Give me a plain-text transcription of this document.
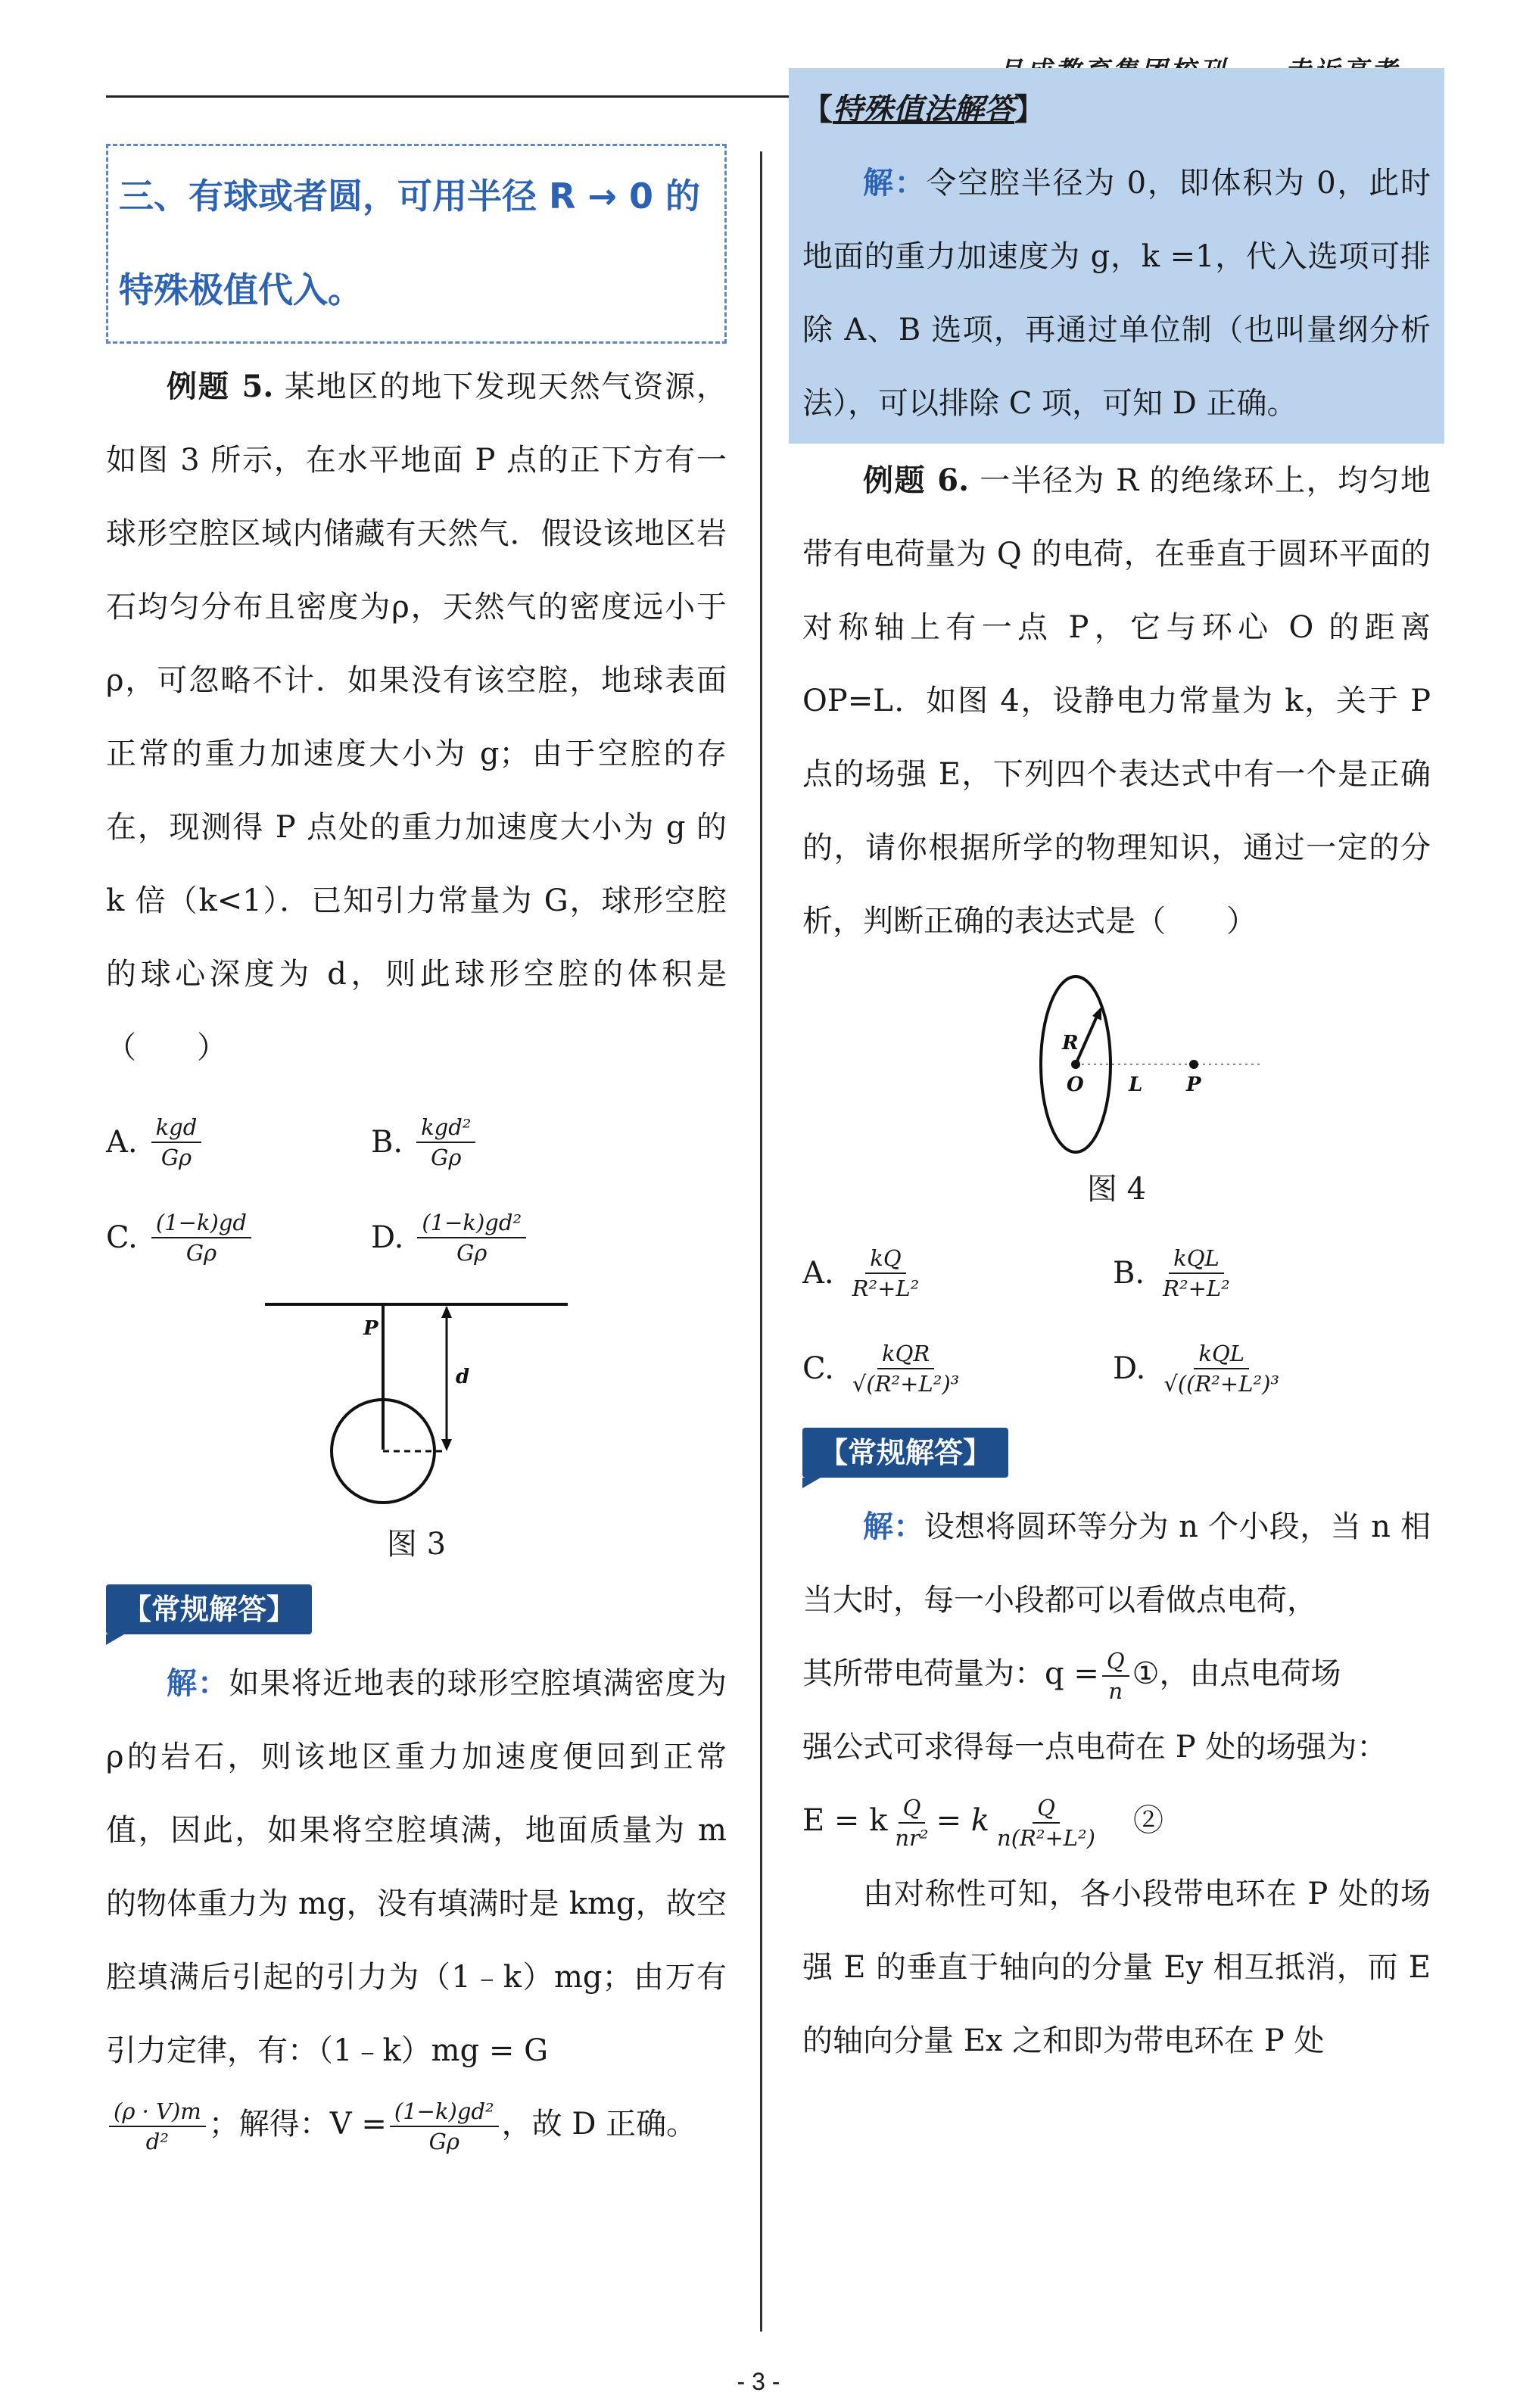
三、有球或者圆，可用半径 R → 0 的
特殊极值代入。

例题 5. 某地区的地下发现天然气资源，如图 3 所示，在水平地面 P 点的正下方有一球形空腔区域内储藏有天然气．假设该地区岩石均匀分布且密度为ρ，天然气的密度远小于ρ，可忽略不计．如果没有该空腔，地球表面正常的重力加速度大小为 g；由于空腔的存在，现测得 P 点处的重力加速度大小为 g 的 k 倍（k<1）．已知引力常量为 G，球形空腔的球心深度为 d，则此球形空腔的体积是（　　）

A. $\frac{\text{kgd}}{G\rho}$	B. $\frac{\text{kgd²}}{G\rho}$
C. $\frac{(1-k)gd}{G\rho}$	D. $\frac{\text{(1−k)gd²}}{G\rho}$
P
d
图 3
【常规解答】

解：如果将近地表的球形空腔填满密度为ρ的岩石，则该地区重力加速度便回到正常值，因此，如果将空腔填满，地面质量为 m 的物体重力为 mg，没有填满时是 kmg，故空腔填满后引起的引力为（1﹣k）mg；由万有引力定律，有：（1﹣k）mg = G

$\frac{(\rho \cdot V)m}{\text{d²}}$ ；解得：$V = \frac{\text{(1−k)gd²}}{G\rho}$ ，故 D 正确。

【特殊值法解答】

解：令空腔半径为 0，即体积为 0，此时地面的重力加速度为 g，k =1，代入选项可排除 A、B 选项，再通过单位制（也叫量纲分析法），可以排除 C 项，可知 D 正确。

例题 6. 一半径为 R 的绝缘环上，均匀地带有电荷量为 Q 的电荷，在垂直于圆环平面的对称轴上有一点 P，它与环心 O 的距离 OP=L．如图 4，设静电力常量为 k，关于 P 点的场强 E，下列四个表达式中有一个是正确的，请你根据所学的物理知识，通过一定的分析，判断正确的表达式是（　　）

R
O L P
图 4
A. $\frac{kQ}{\text{R²+L²}}$	B. $\frac{\text{kQL}}{\text{R²+L²}}$
C. $\frac{\text{kQR}}{\text{√(R²+L²)³}}$	D. $\frac{\text{kQL}}{\text{√((R²+L²)³}}$
【常规解答】

解：设想将圆环等分为 n 个小段，当 n 相当大时，每一小段都可以看做点电荷，

其所带电荷量为：$q = \frac{Q}{n}$ ①，由点电荷场

强公式可求得每一点电荷在 P 处的场强为：

E = k $\frac{Q}{\text{nr²}} = k \frac{Q}{\text{n(R²+L²)}}$
　 ②

由对称性可知，各小段带电环在 P 处的场强 E 的垂直于轴向的分量 Ey 相互抵消，而 E 的轴向分量 Ex 之和即为带电环在 P 处

- 3 -
